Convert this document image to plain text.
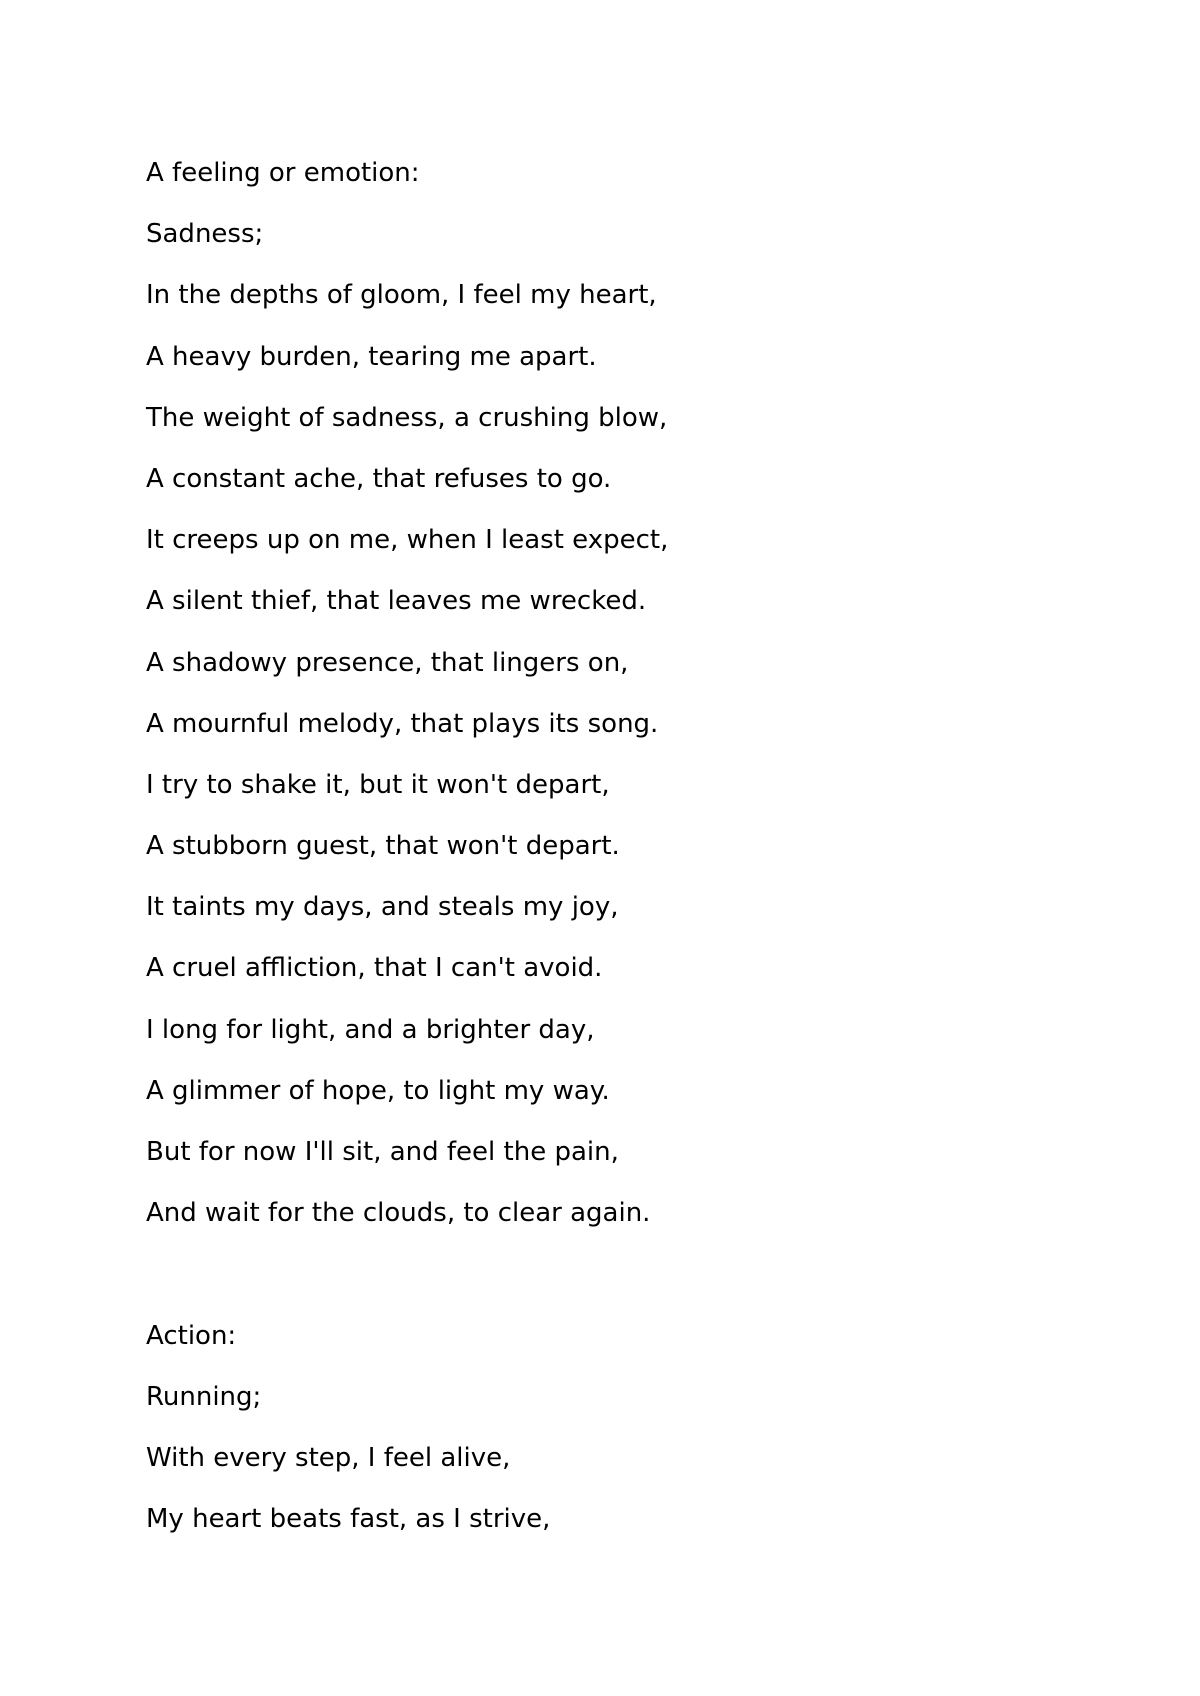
A feeling or emotion:
Sadness;
In the depths of gloom, I feel my heart,
A heavy burden, tearing me apart.
The weight of sadness, a crushing blow,
A constant ache, that refuses to go.
It creeps up on me, when I least expect,
A silent thief, that leaves me wrecked.
A shadowy presence, that lingers on,
A mournful melody, that plays its song.
I try to shake it, but it won't depart,
A stubborn guest, that won't depart.
It taints my days, and steals my joy,
A cruel affliction, that I can't avoid.
I long for light, and a brighter day,
A glimmer of hope, to light my way.
But for now I'll sit, and feel the pain,
And wait for the clouds, to clear again.
Action:
Running;
With every step, I feel alive,
My heart beats fast, as I strive,
